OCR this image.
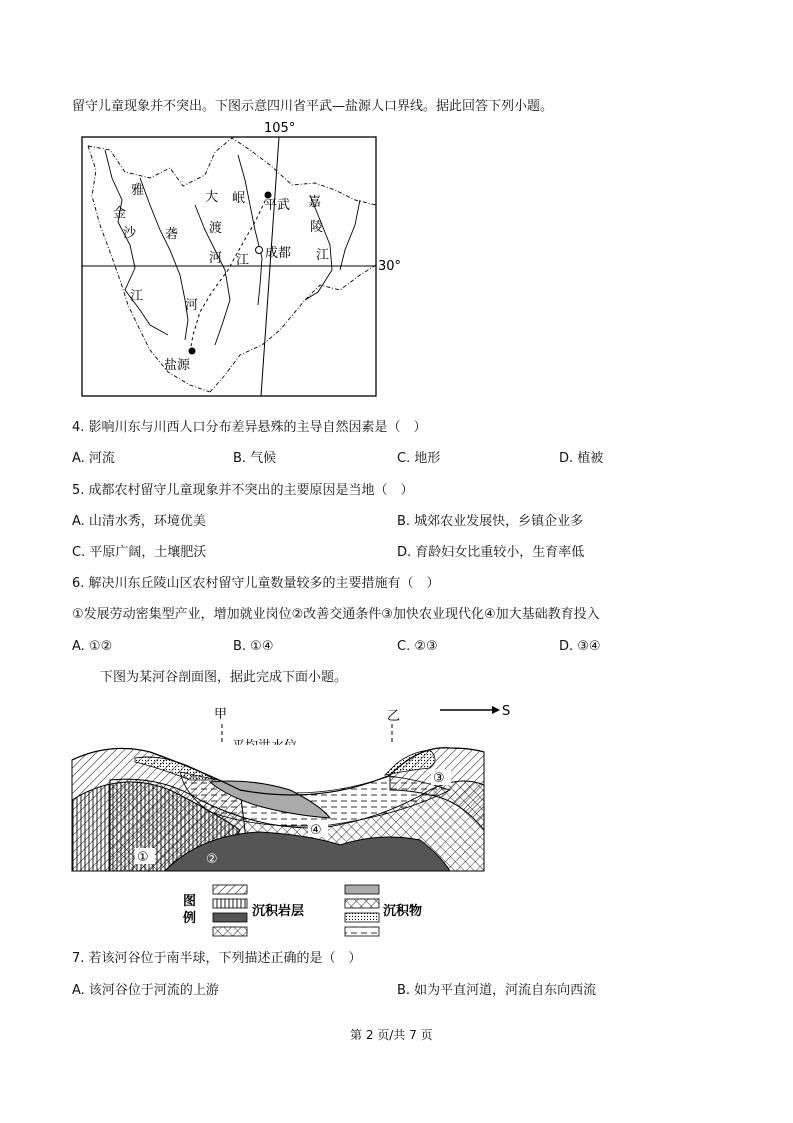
留守儿童现象并不突出。下图示意四川省平武—盐源人口界线。据此回答下列小题。
105°
30°
雅
金
沙
江
砻
河
大
渡
河
岷
江
平武
成都
嘉
陵
江
盐源
4. 影响川东与川西人口分布差异悬殊的主导自然因素是（　）
A. 河流	B. 气候	C. 地形	D. 植被
5. 成都农村留守儿童现象并不突出的主要原因是当地（　）
A. 山清水秀，环境优美	B. 城郊农业发展快，乡镇企业多
C. 平原广阔，土壤肥沃	D. 育龄妇女比重较小，生育率低
6. 解决川东丘陵山区农村留守儿童数量较多的主要措施有（　）
①发展劳动密集型产业，增加就业岗位②改善交通条件③加快农业现代化④加大基础教育投入
A. ①②	B. ①④	C. ②③	D. ③④
下图为某河谷剖面图，据此完成下面小题。
甲	乙	S
①	②
③
④
图
例	沉积岩层	沉积物
7. 若该河谷位于南半球，下列描述正确的是（　）
A. 该河谷位于河流的上游	B. 如为平直河道，河流自东向西流
第 2 页/共 7 页
